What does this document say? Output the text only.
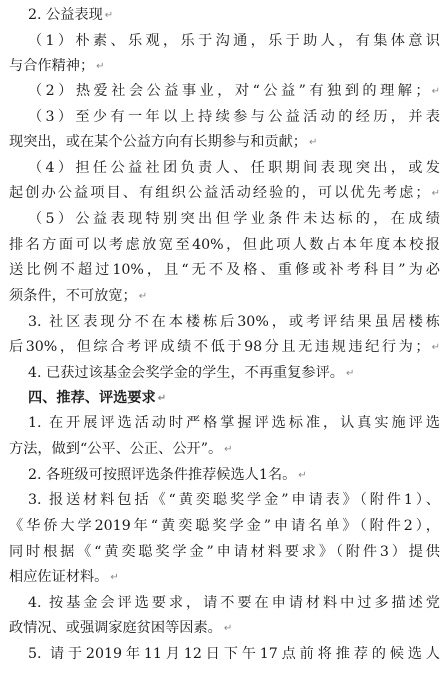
2. 公益表现 ↵
（1）朴素、乐观，乐于沟通，乐于助人，有集体意识
与合作精神； ↵
（2）热爱社会公益事业，对“公益”有独到的理解； ↵
（3）至少有一年以上持续参与公益活动的经历，并表
现突出，或在某个公益方向有长期参与和贡献； ↵
（4）担任公益社团负责人、任职期间表现突出，或发
起创办公益项目、有组织公益活动经验的，可以优先考虑； ↵
（5）公益表现特别突出但学业条件未达标的，在成绩
排名方面可以考虑放宽至40%，但此项人数占本年度本校报
送比例不超过10%，且“无不及格、重修或补考科目”为必
须条件，不可放宽； ↵
3. 社区表现分不在本楼栋后30%，或考评结果虽居楼栋
后30%，但综合考评成绩不低于98分且无违规违纪行为； ↵
4. 已获过该基金会奖学金的学生，不再重复参评。 ↵
四、推荐、评选要求 ↵
1. 在开展评选活动时严格掌握评选标准，认真实施评选
方法，做到“公平、公正、公开”。 ↵
2. 各班级可按照评选条件推荐候选人1名。 ↵
3. 报送材料包括《“黄奕聪奖学金”申请表》（附件1）、
《华侨大学2019年“黄奕聪奖学金”申请名单》（附件2），
同时根据《“黄奕聪奖学金”申请材料要求》（附件3）提供
相应佐证材料。 ↵
4. 按基金会评选要求，请不要在申请材料中过多描述党
政情况、或强调家庭贫困等因素。 ↵
5. 请于2019年11月12日下午17点前将推荐的候选人
